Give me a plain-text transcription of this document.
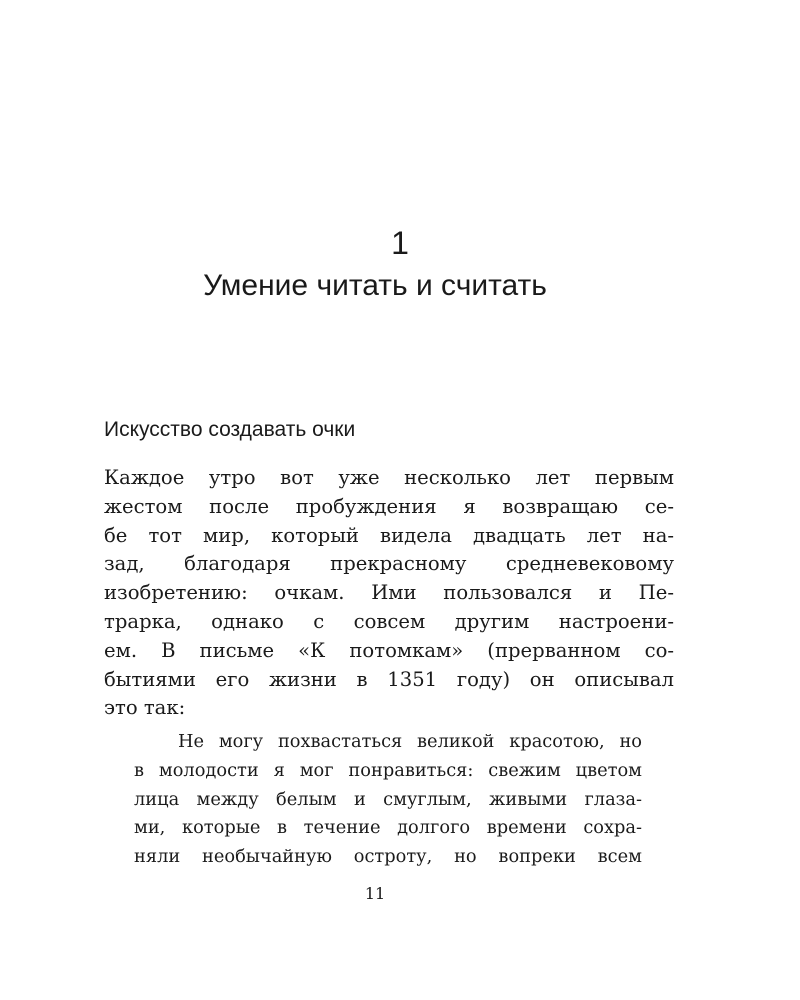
1
Умение читать и считать
Искусство создавать очки
Каждое утро вот уже несколько лет первым
жестом после пробуждения я возвращаю се-
бе тот мир, который видела двадцать лет на-
зад, благодаря прекрасному средневековому
изобретению: очкам. Ими пользовался и Пе-
трарка, однако с совсем другим настроени-
ем. В письме «К потомкам» (прерванном со-
бытиями его жизни в 1351 году) он описывал
это так:
Не могу похвастаться великой красотою, но
в молодости я мог понравиться: свежим цветом
лица между белым и смуглым, живыми глаза-
ми, которые в течение долгого времени сохра-
няли необычайную остроту, но вопреки всем
11
